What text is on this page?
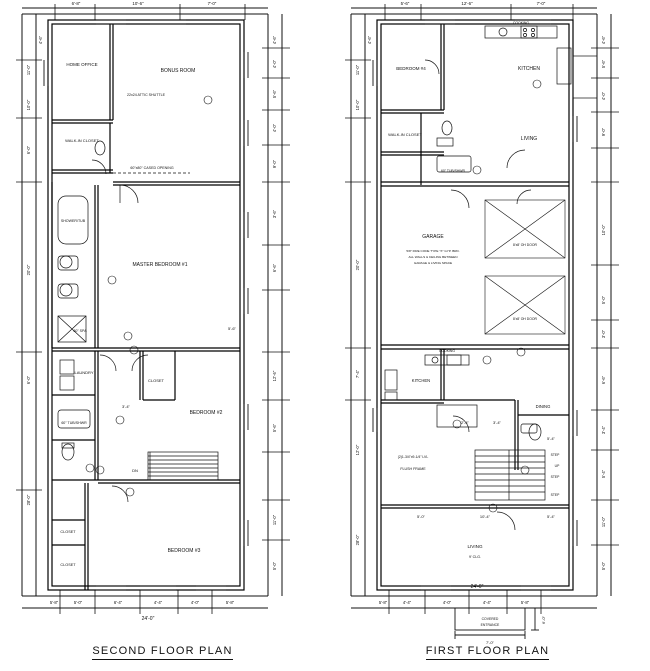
HOME OFFICE
BONUS ROOM
22x24 ATTIC SHUTTLE
WALK-IN CLOSET
60"x80" CASED OPENING
SHOWER/TUB
MASTER BEDROOM #1
60" SPA
LAUNDRY
60" TUB/SHWR
CLOSET
BEDROOM #2
DN
CLOSET
CLOSET
BEDROOM #3
6'-8"	10'-6"	7'-0"
4'-6"
4'-0"
5'-6"
4'-0"
9'-0"
3'-6"
6'-6"
12'-6"
5'-6"
11'-0"
5'-0"
4'-6"
11'-0"
10'-0"
6'-0"
20'-0"
6'-0"
28'-0"
5'-8"	5'-0"	6'-4"	4'-4"	4'-0"	5'-8"
24'-0"
3'-4"
5'-6"
SECOND FLOOR PLAN
COOKING
KITCHEN
BEDROOM #4
LIVING
WALK-IN CLOSET
60" TUB/SHWR
GARAGE
5/8" FIRE CODE TYPE "X" GYP. BRD.
ALL WALLS & CEILING BETWEEN
GARAGE & LIVING SPACE
8'x8' OH DOOR
8'x8' OH DOOR
COOKING
KITCHEN
DINING
(2)1-3/4"x9-1/4" LVL
FLUSH FRAME
STEP
STEP
STEP
UP
LIVING
9' CLG.
COVERED
ENTRANCE
7'-0"
6'-0"
5'-6"	12'-6"	7'-0"
4'-6"
5'-6"
4'-0"
9'-0"
10'-0"
5'-0"
3'-0"
6'-6"
3'-4"
5'-4"
11'-0"
5'-0"
4'-6"
11'-0"
10'-0"
20'-0"
7'-4"
12'-0"
28'-0"
5'-8"	4'-4"	4'-0"	4'-4"	5'-8"
24'-0"
2'-4"	3'-4"
5'-0"	10'-4"	5'-4"
5'-4"
FIRST FLOOR PLAN
